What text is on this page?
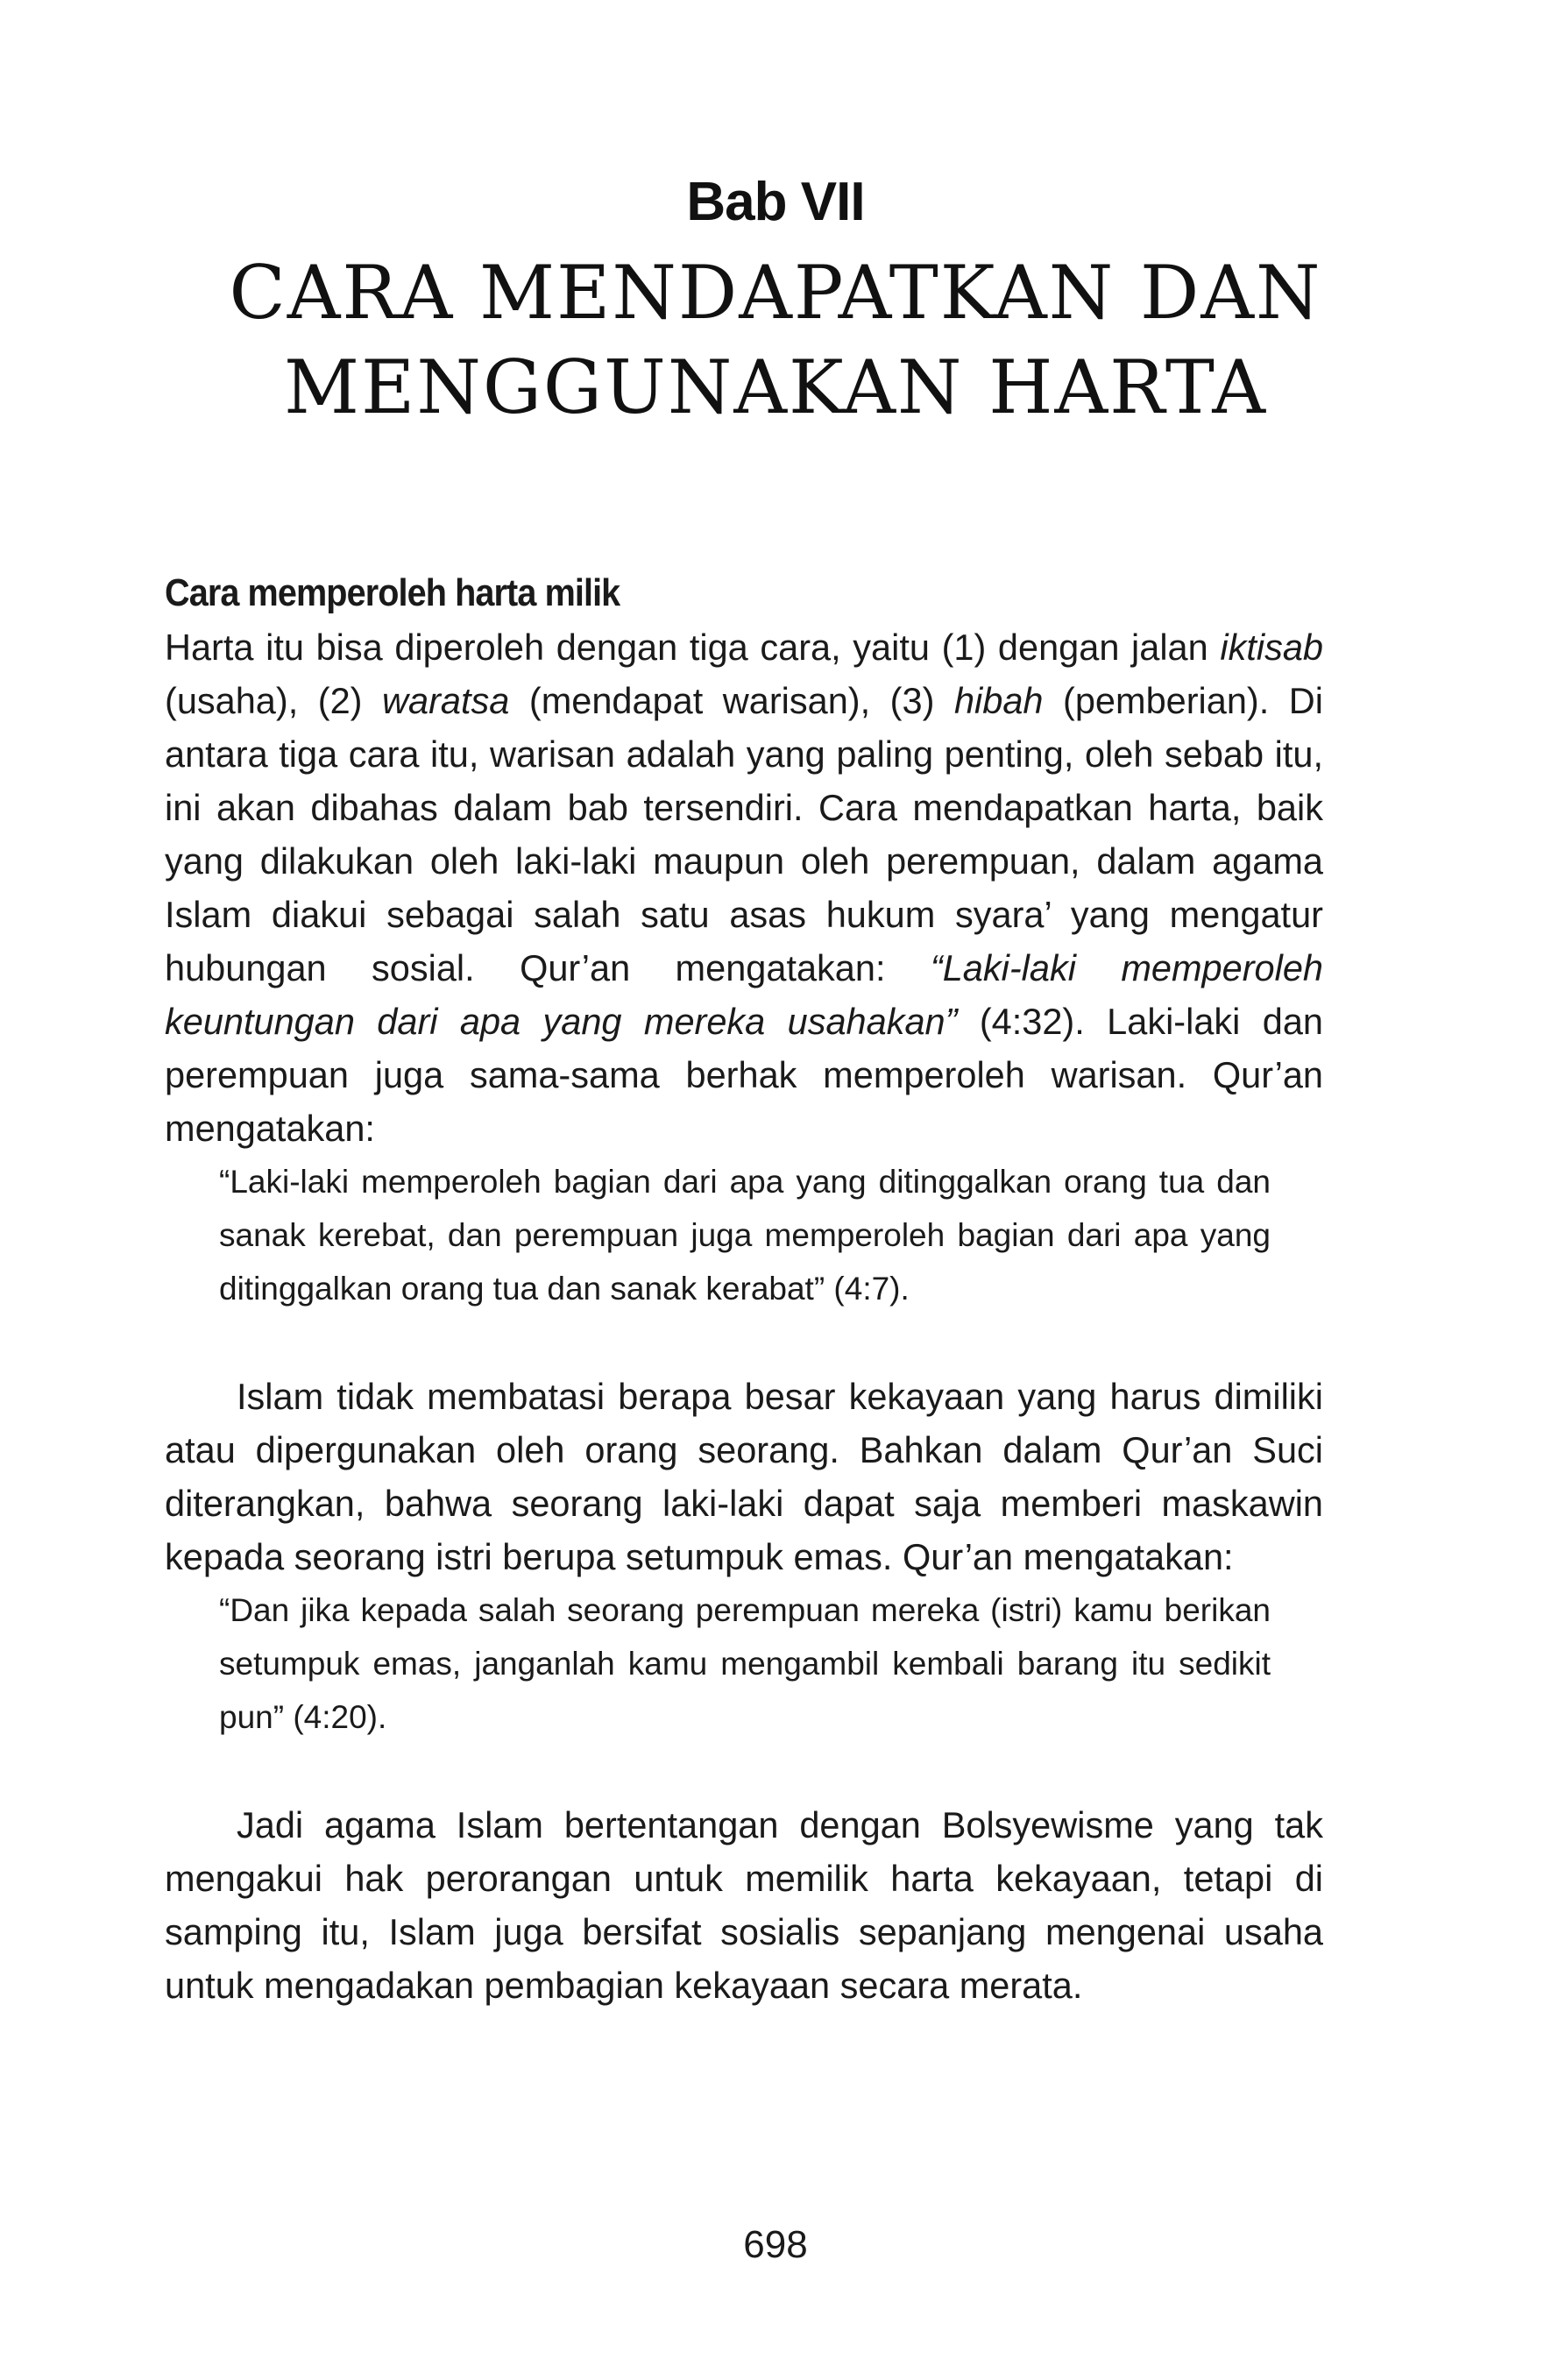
Bab VII
CARA MENDAPATKAN DAN
MENGGUNAKAN HARTA
Cara memperoleh harta milik

Harta itu bisa diperoleh dengan tiga cara, yaitu (1) dengan jalan iktisab (usaha), (2) waratsa (mendapat warisan), (3) hibah (pemberian). Di antara tiga cara itu, warisan adalah yang paling penting, oleh sebab itu, ini akan dibahas dalam bab tersendiri. Cara mendapatkan harta, baik yang dilakukan oleh laki-laki maupun oleh perempuan, dalam agama Islam diakui sebagai salah satu asas hukum syara’ yang mengatur hubungan sosial. Qur’an mengatakan: “Laki-laki memperoleh keuntungan dari apa yang mereka usahakan” (4:32). Laki-laki dan perempuan juga sama-sama berhak memperoleh warisan. Qur’an mengatakan:

“Laki-laki memperoleh bagian dari apa yang ditinggalkan orang tua dan sanak kerebat, dan perempuan juga memperoleh bagian dari apa yang ditinggalkan orang tua dan sanak kerabat” (4:7).

Islam tidak membatasi berapa besar kekayaan yang harus dimiliki atau dipergunakan oleh orang seorang. Bahkan dalam Qur’an Suci diterangkan, bahwa seorang laki-laki dapat saja memberi maskawin kepada seorang istri berupa setumpuk emas. Qur’an mengatakan:

“Dan jika kepada salah seorang perempuan mereka (istri) kamu berikan setumpuk emas, janganlah kamu mengambil kembali barang itu sedikit pun” (4:20).

Jadi agama Islam bertentangan dengan Bolsyewisme yang tak mengakui hak perorangan untuk memilik harta kekayaan, tetapi di samping itu, Islam juga bersifat sosialis sepanjang mengenai usaha untuk mengadakan pembagian kekayaan secara merata.

698
